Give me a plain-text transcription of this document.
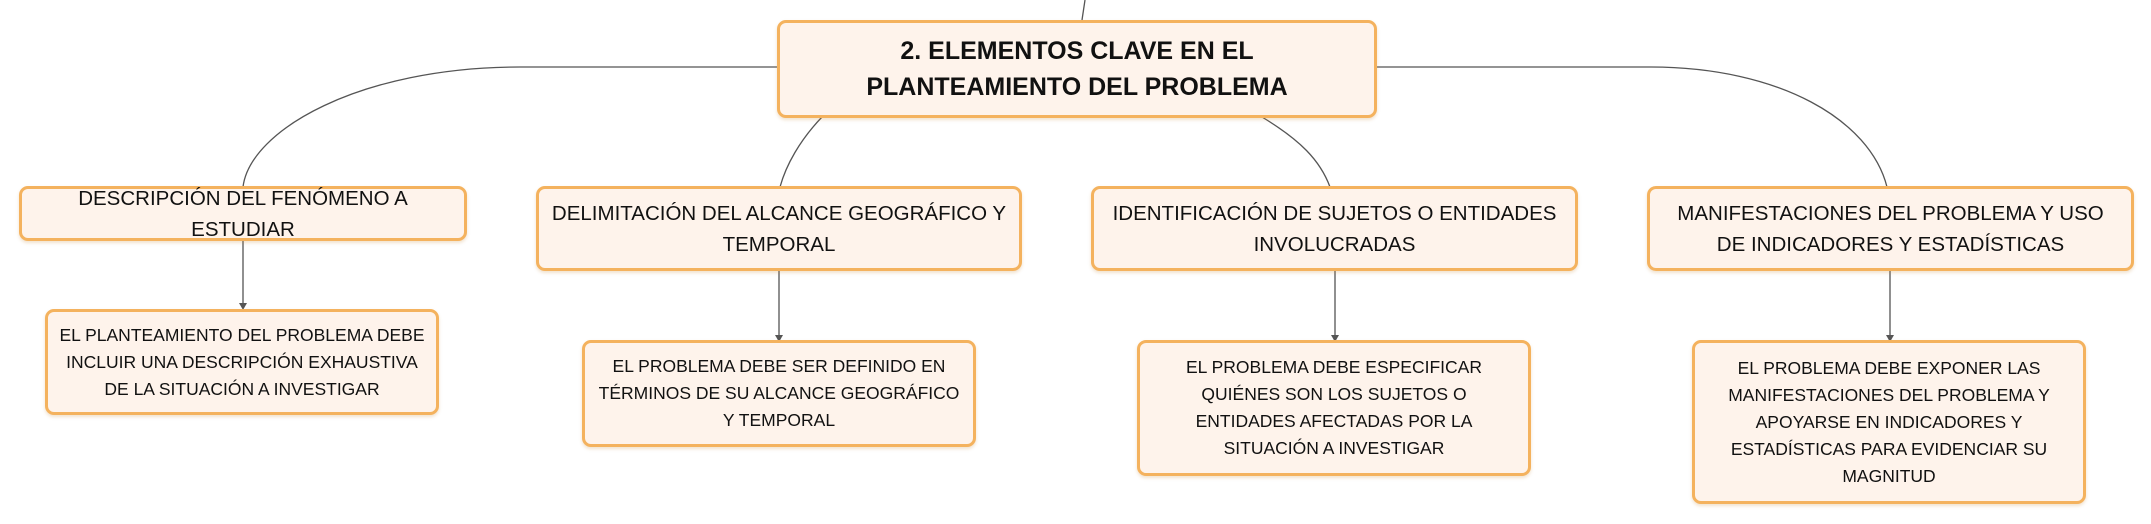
2. ELEMENTOS CLAVE EN EL PLANTEAMIENTO DEL PROBLEMA
DESCRIPCIÓN DEL FENÓMENO A ESTUDIAR
DELIMITACIÓN DEL ALCANCE GEOGRÁFICO Y TEMPORAL
IDENTIFICACIÓN DE SUJETOS O ENTIDADES INVOLUCRADAS
MANIFESTACIONES DEL PROBLEMA Y USO DE INDICADORES Y ESTADÍSTICAS
EL PLANTEAMIENTO DEL PROBLEMA DEBE INCLUIR UNA DESCRIPCIÓN EXHAUSTIVA DE LA SITUACIÓN A INVESTIGAR
EL PROBLEMA DEBE SER DEFINIDO EN TÉRMINOS DE SU ALCANCE GEOGRÁFICO Y TEMPORAL
EL PROBLEMA DEBE ESPECIFICAR QUIÉNES SON LOS SUJETOS O ENTIDADES AFECTADAS POR LA SITUACIÓN A INVESTIGAR
EL PROBLEMA DEBE EXPONER LAS MANIFESTACIONES DEL PROBLEMA Y APOYARSE EN INDICADORES Y ESTADÍSTICAS PARA EVIDENCIAR SU MAGNITUD
